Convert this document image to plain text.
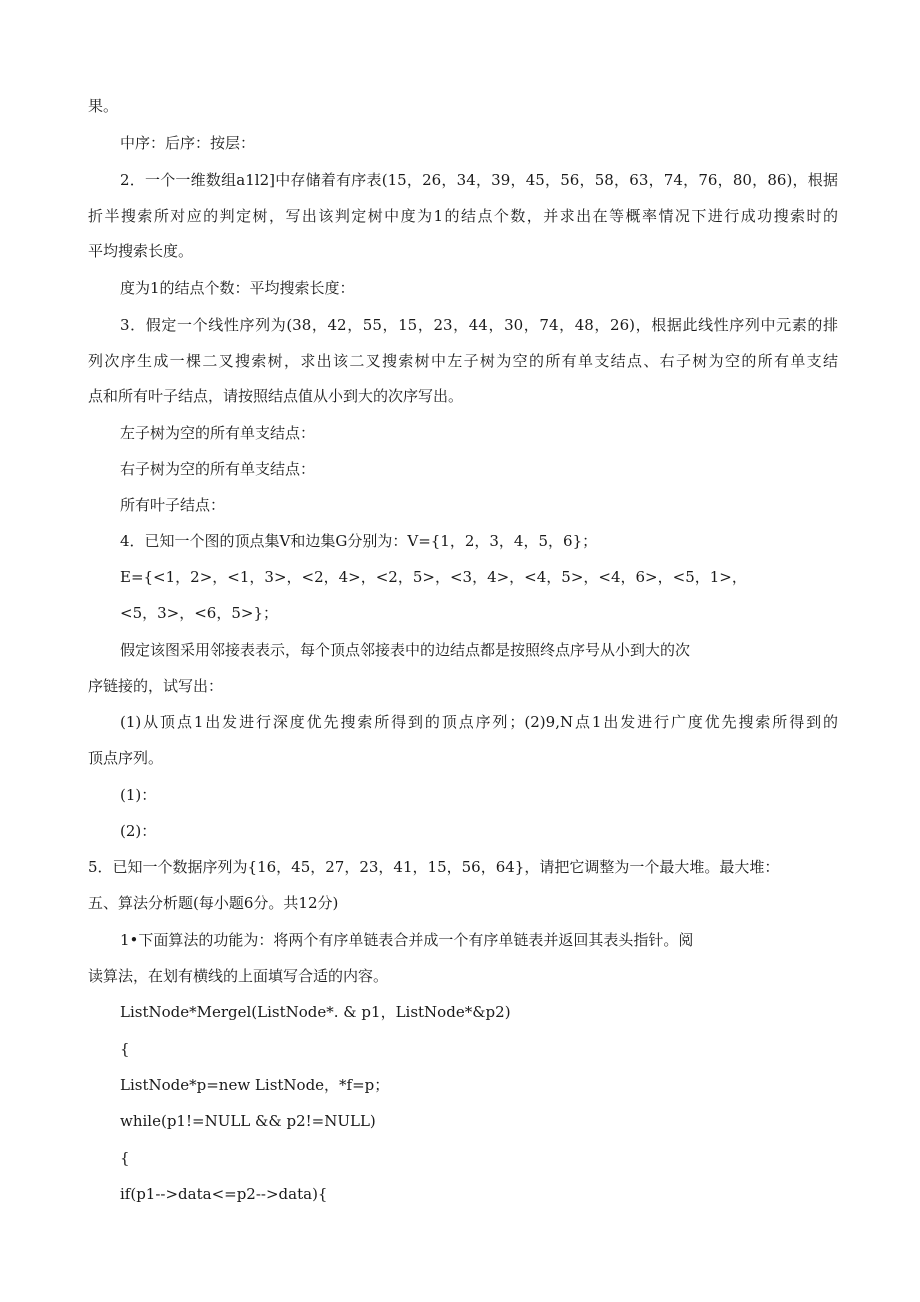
果。

中序：后序：按层：

2．一个一维数组a1l2]中存储着有序表(15，26，34，39，45，56，58，63，74，76，80，86)，根据

折半搜索所对应的判定树，写出该判定树中度为1的结点个数，并求出在等概率情况下进行成功搜索时的

平均搜索长度。

度为1的结点个数：平均搜索长度：

3．假定一个线性序列为(38，42，55，15，23，44，30，74，48，26)，根据此线性序列中元素的排

列次序生成一棵二叉搜索树，求出该二叉搜索树中左子树为空的所有单支结点、右子树为空的所有单支结

点和所有叶子结点，请按照结点值从小到大的次序写出。

左子树为空的所有单支结点：

右子树为空的所有单支结点：

所有叶子结点：

4．已知一个图的顶点集V和边集G分别为：V={1，2，3，4，5，6}；

E={<1，2>，<1，3>，<2，4>，<2，5>，<3，4>，<4，5>，<4，6>，<5，1>，

<5，3>，<6，5>}；

假定该图采用邻接表表示，每个顶点邻接表中的边结点都是按照终点序号从小到大的次

序链接的，试写出：

(1)从顶点1出发进行深度优先搜索所得到的顶点序列；(2)9,N点1出发进行广度优先搜索所得到的

顶点序列。

(1)：

(2)：

5．已知一个数据序列为{16，45，27，23，41，15，56，64}，请把它调整为一个最大堆。最大堆：

五、算法分析题(每小题6分。共12分)

1•下面算法的功能为：将两个有序单链表合并成一个有序单链表并返回其表头指针。阅

读算法，在划有横线的上面填写合适的内容。

ListNode*Mergel(ListNode*. & p1，ListNode*&p2)

{

ListNode*p=new ListNode，*f=p；

while(p1!=NULL && p2!=NULL)

{

if(p1-->data<=p2-->data){
